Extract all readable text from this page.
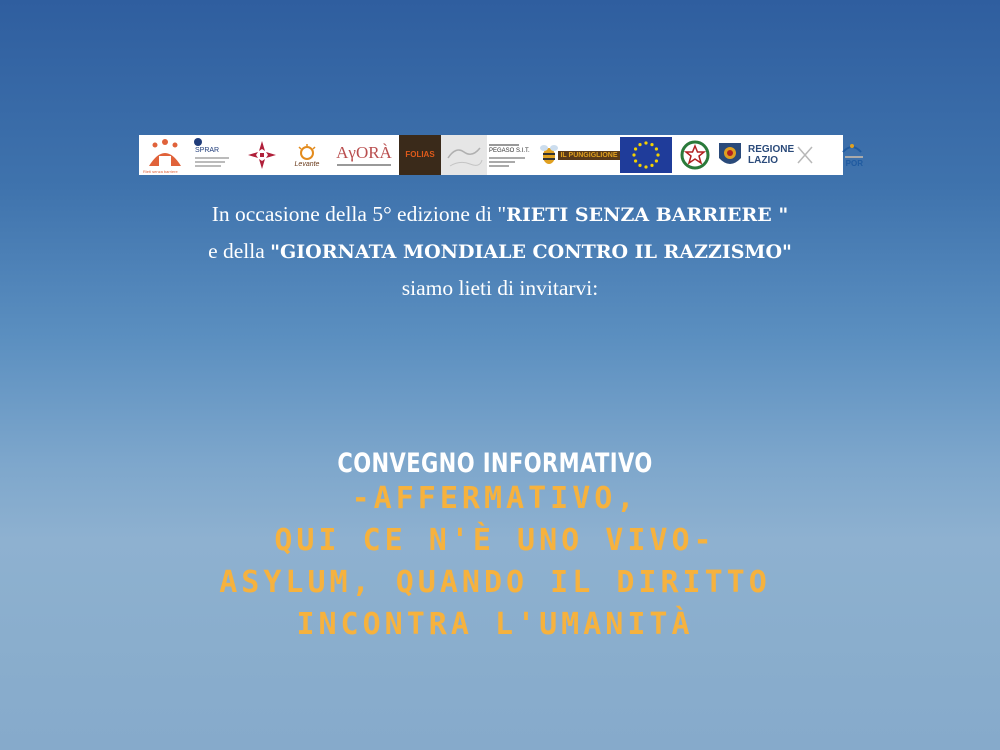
Rieti senza barriere
SPRAR
Levante
AγORÀ FOLIAS	PEGASO S.I.T.
IL PUNGIGLIONE	REGIONE LAZIO	POR
In occasione della 5° edizione di "RIETI SENZA BARRIERE "
e della "GIORNATA MONDIALE CONTRO IL RAZZISMO"
siamo lieti di invitarvi:
CONVEGNO INFORMATIVO
-AFFERMATIVO,
QUI CE N'È UNO VIVO-
ASYLUM, QUANDO IL DIRITTO
INCONTRA L'UMANITÀ
